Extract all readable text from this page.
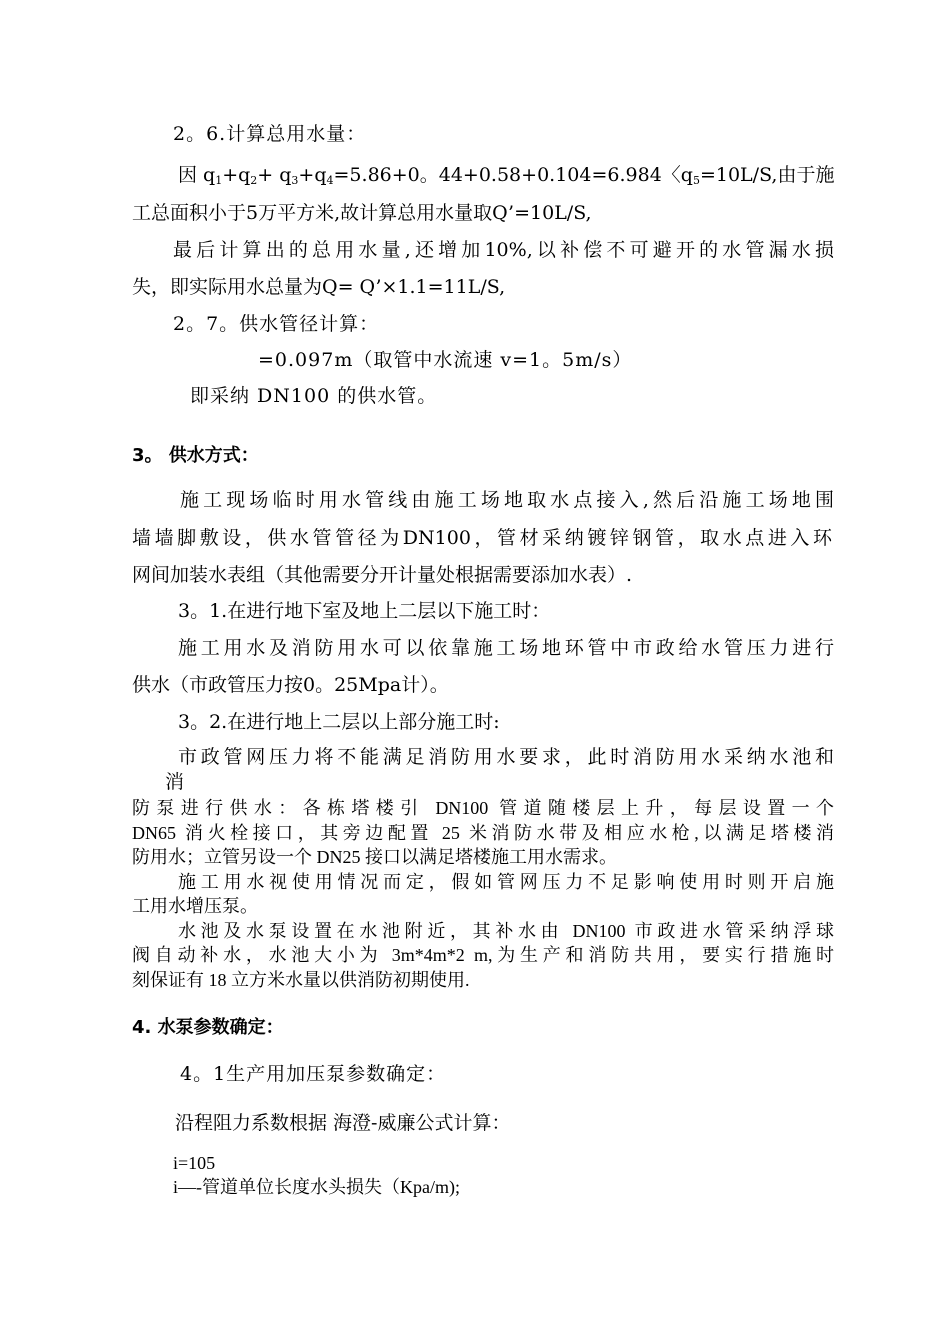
2。6.计算总用水量：
因 $q_1+q_2+ q_3+q_4=5.86+0$。44+0.58+0.104=6.984〈$q_5=10L/S$,由于施
工总面积小于5万平方米,故计算总用水量取Q’=10L/S,
最后计算出的总用水量,还增加10%,以补偿不可避开的水管漏水损
失，即实际用水总量为Q= Q’×1.1=11L/S,
2。7。供水管径计算：
=0.097m（取管中水流速 v=1。5m/s）
即采纳 DN100 的供水管。
3。 供水方式：
施工现场临时用水管线由施工场地取水点接入,然后沿施工场地围
墙墙脚敷设，供水管管径为DN100，管材采纳镀锌钢管，取水点进入环
网间加装水表组（其他需要分开计量处根据需要添加水表）.
3。1.在进行地下室及地上二层以下施工时：
施工用水及消防用水可以依靠施工场地环管中市政给水管压力进行
供水（市政管压力按0。25Mpa计）。
3。2.在进行地上二层以上部分施工时:
市政管网压力将不能满足消防用水要求，此时消防用水采纳水池和
消
防泵进行供水：各栋塔楼引 DN100 管道随楼层上升，每层设置一个
DN65 消火栓接口，其旁边配置 25 米消防水带及相应水枪,以满足塔楼消
防用水；立管另设一个 DN25 接口以满足塔楼施工用水需求。
施工用水视使用情况而定，假如管网压力不足影响使用时则开启施
工用水增压泵。
水池及水泵设置在水池附近，其补水由 DN100 市政进水管采纳浮球
阀自动补水，水池大小为 3m*4m*2 m,为生产和消防共用，要实行措施时
刻保证有 18 立方米水量以供消防初期使用.
4. 水泵参数确定：
4。1生产用加压泵参数确定：
沿程阻力系数根据 海澄-威廉公式计算：
i=105
i—-管道单位长度水头损失（Kpa/m);
